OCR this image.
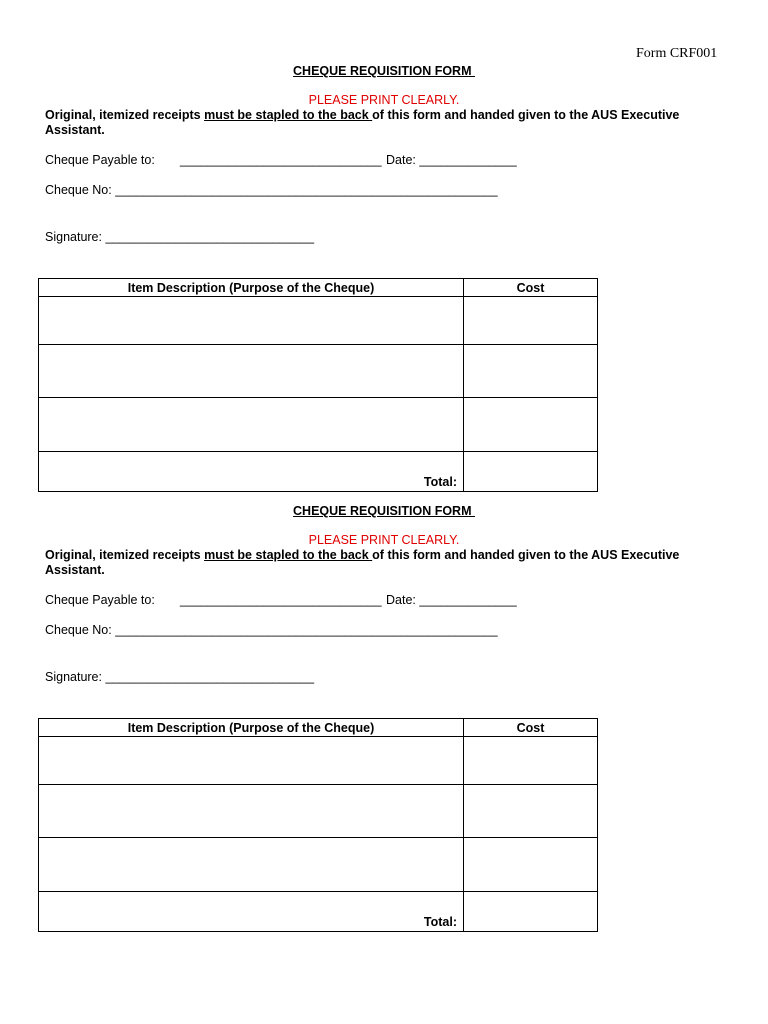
Form CRF001
CHEQUE REQUISITION FORM
PLEASE PRINT CLEARLY.
Original, itemized receipts must be stapled to the back of this form and handed given to the AUS Executive Assistant.
Cheque Payable to: _____________________________ Date: ______________
Cheque No: _______________________________________________________
Signature: ______________________________
Item Description (Purpose of the Cheque)	Cost

Total:	
CHEQUE REQUISITION FORM
PLEASE PRINT CLEARLY.
Original, itemized receipts must be stapled to the back of this form and handed given to the AUS Executive Assistant.
Cheque Payable to: _____________________________ Date: ______________
Cheque No: _______________________________________________________
Signature: ______________________________
Item Description (Purpose of the Cheque)	Cost

Total:	
